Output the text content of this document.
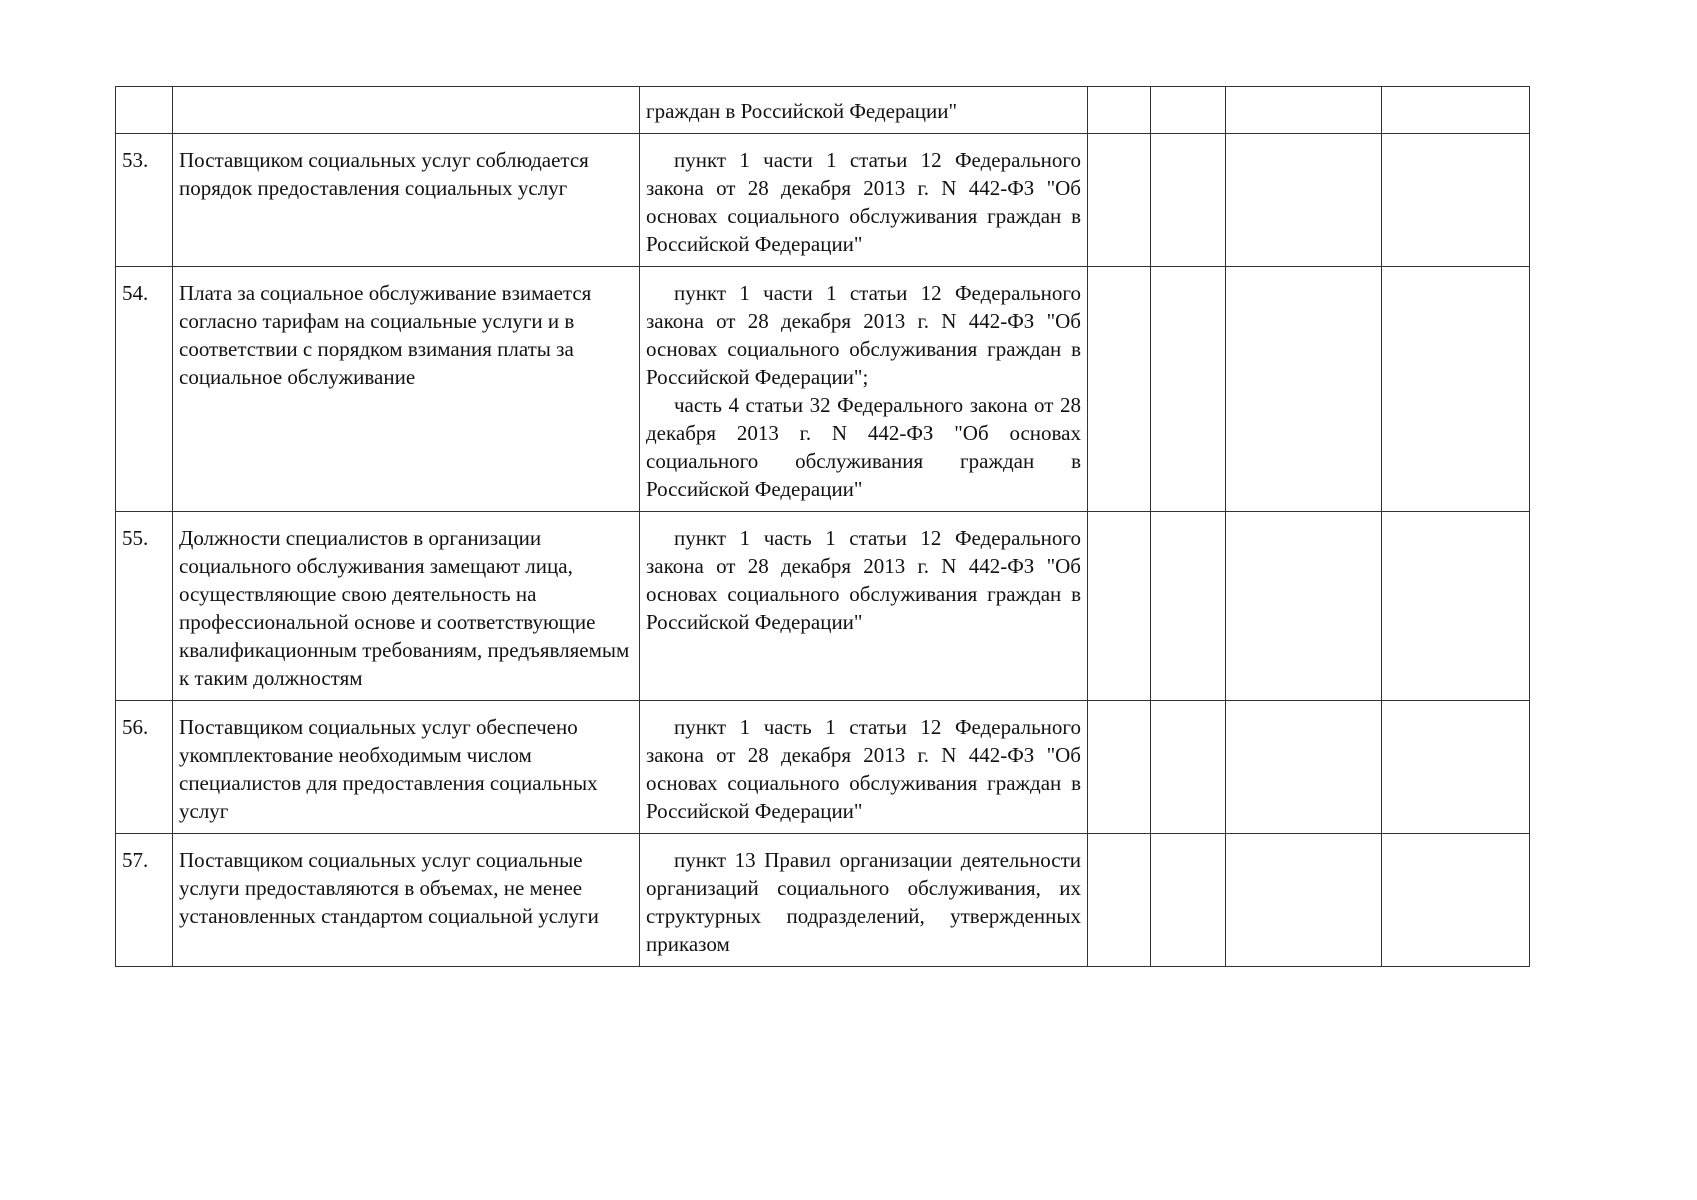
		граждан в Российской Федерации"				
53.	Поставщиком социальных услуг соблюдается порядок предоставления социальных услуг	пункт 1 части 1 статьи 12 Федерального закона от 28 декабря 2013 г. N 442-ФЗ "Об основах социального обслуживания граждан в Российской Федерации"				

54.	Плата за социальное обслуживание взимается согласно тарифам на социальные услуги и в соответствии с порядком взимания платы за социальное обслуживание	пункт 1 части 1 статьи 12 Федерального закона от 28 декабря 2013 г. N 442-ФЗ "Об основах социального обслуживания граждан в Российской Федерации";

часть 4 статьи 32 Федерального закона от 28 декабря 2013 г. N 442-ФЗ "Об основах социального обслуживания граждан в Российской Федерации"				

55.	Должности специалистов в организации социального обслуживания замещают лица, осуществляющие свою деятельность на профессиональной основе и соответствующие квалификационным требованиям, предъявляемым к таким должностям	пункт 1 часть 1 статьи 12 Федерального закона от 28 декабря 2013 г. N 442-ФЗ "Об основах социального обслуживания граждан в Российской Федерации"				

56.	Поставщиком социальных услуг обеспечено укомплектование необходимым числом специалистов для предоставления социальных услуг	пункт 1 часть 1 статьи 12 Федерального закона от 28 декабря 2013 г. N 442-ФЗ "Об основах социального обслуживания граждан в Российской Федерации"				

57.	Поставщиком социальных услуг социальные услуги предоставляются в объемах, не менее установленных стандартом социальной услуги	пункт 13 Правил организации деятельности организаций социального обслуживания, их структурных подразделений, утвержденных приказом				
